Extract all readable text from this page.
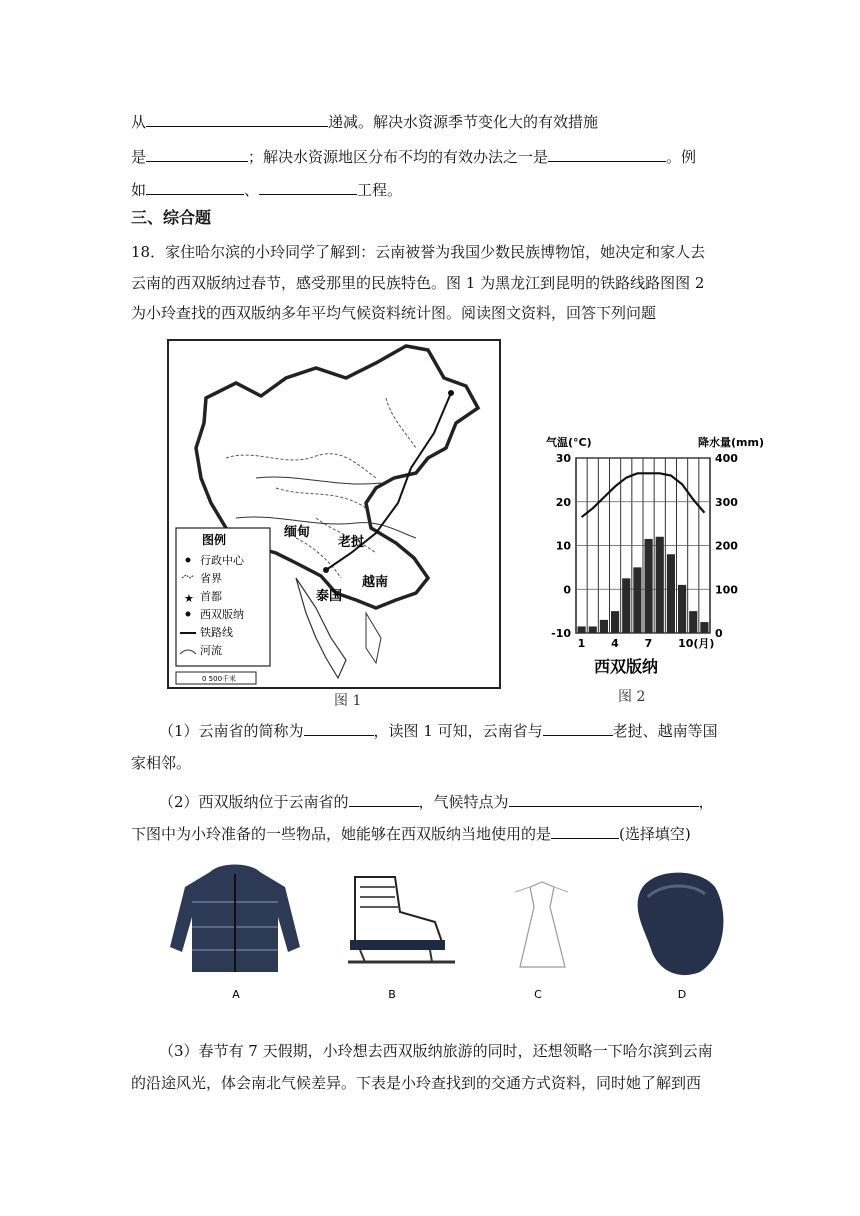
从	递减。解决水资源季节变化大的有效措施
是	；解决水资源地区分布不均的有效办法之一是	。例
如	、	工程。
三、综合题
18．家住哈尔滨的小玲同学了解到：云南被誉为我国少数民族博物馆，她决定和家人去
云南的西双版纳过春节，感受那里的民族特色。图 1 为黑龙江到昆明的铁路线路图图 2
为小玲查找的西双版纳多年平均气候资料统计图。阅读图文资料，回答下列问题
缅甸
老挝
泰国
越南
图例
行政中心
省界
★ 首都
西双版纳
铁路线
河流
0 500千米
图 1
气温(°C)	降水量(mm)
西双版纳
-10
0
10
20
30
0
100
200
300
400
1 4 7 10(月)
图 2
（1）云南省的简称为	，读图 1 可知，云南省与	老挝、越南等国
家相邻。
（2）西双版纳位于云南省的	，气候特点为	，
下图中为小玲准备的一些物品，她能够在西双版纳当地使用的是	(选择填空)
A	B	C	D
（3）春节有 7 天假期，小玲想去西双版纳旅游的同时，还想领略一下哈尔滨到云南
的沿途风光，体会南北气候差异。下表是小玲查找到的交通方式资料，同时她了解到西
